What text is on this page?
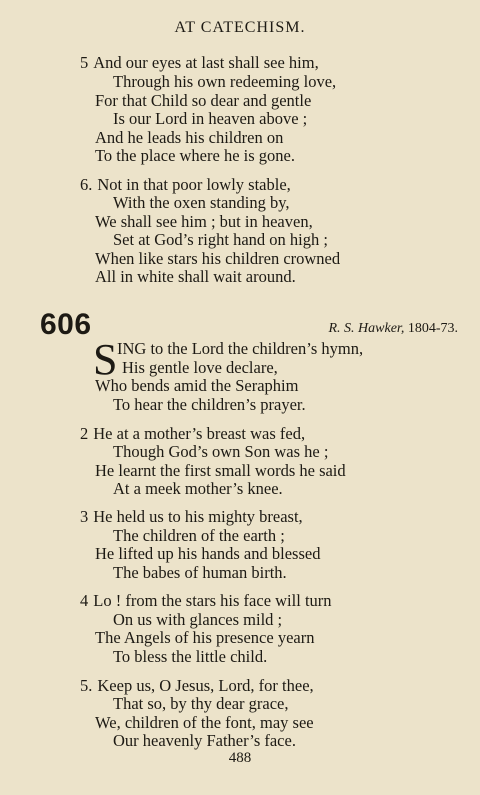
AT CATECHISM.
5 And our eyes at last shall see him,
Through his own redeeming love,
For that Child so dear and gentle
Is our Lord in heaven above ;
And he leads his children on
To the place where he is gone.
6. Not in that poor lowly stable,
With the oxen standing by,
We shall see him ; but in heaven,
Set at God’s right hand on high ;
When like stars his children crowned
All in white shall wait around.
606	R. S. Hawker, 1804-73.
S ING to the Lord the children’s hymn,
His gentle love declare,
Who bends amid the Seraphim
To hear the children’s prayer.
2 He at a mother’s breast was fed,
Though God’s own Son was he ;
He learnt the first small words he said
At a meek mother’s knee.
3 He held us to his mighty breast,
The children of the earth ;
He lifted up his hands and blessed
The babes of human birth.
4 Lo ! from the stars his face will turn
On us with glances mild ;
The Angels of his presence yearn
To bless the little child.
5. Keep us, O Jesus, Lord, for thee,
That so, by thy dear grace,
We, children of the font, may see
Our heavenly Father’s face.
488
